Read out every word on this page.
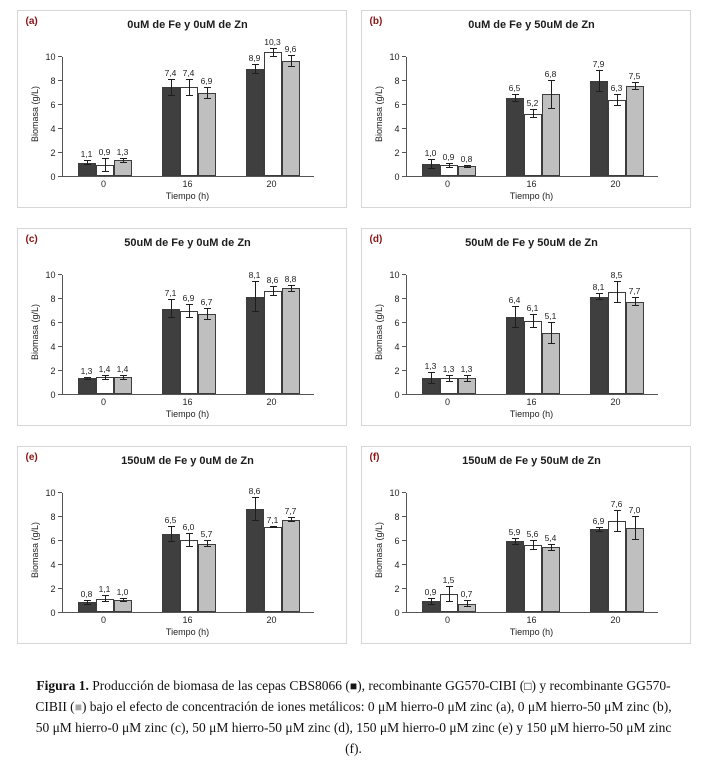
(a)	0uM de Fe y 0uM de Zn
Biomasa (g/L)
0
2
4
6
8
10
1,1 0,9 1,3
7,4 7,4
6,9
8,9
10,3
9,6
0	16	20
Tiempo (h)
(b)	0uM de Fe y 50uM de Zn
Biomasa (g/L)
0
2
4
6
8
10
1,0 0,9 0,8
6,5
5,2
6,8
7,9
6,3
7,5
0	16	20
Tiempo (h)
(c)	50uM de Fe y 0uM de Zn
Biomasa (g/L)
0
2
4
6
8
10
1,3 1,4 1,4
7,1 6,9 6,7
8,1 8,6 8,8
0	16	20
Tiempo (h)
(d)	50uM de Fe y 50uM de Zn
Biomasa (g/L)
0
2
4
6
8
10
1,3 1,3 1,3
6,4
6,1
5,1
8,1
8,5
7,7
0	16	20
Tiempo (h)
(e)	150uM de Fe y 0uM de Zn
Biomasa (g/L)
0
2
4
6
8
10
0,8 1,1 1,0
6,5
6,0
5,7
8,6
7,1
7,7
0	16	20
Tiempo (h)
(f)	150uM de Fe y 50uM de Zn
Biomasa (g/L)
0
2
4
6
8
10
0,9
1,5
0,7
5,9 5,6 5,4
6,9
7,6
7,0
0	16	20
Tiempo (h)

Figura 1. Producción de biomasa de las cepas CBS8066 (■), recombinante GG570-CIBI (□) y recombinante GG570-CIBII (■) bajo el efecto de concentración de iones metálicos: 0 μM hierro-0 μM zinc (a), 0 μM hierro-50 μM zinc (b), 50 μM hierro-0 μM zinc (c), 50 μM hierro-50 μM zinc (d), 150 μM hierro-0 μM zinc (e) y 150 μM hierro-50 μM zinc (f).
